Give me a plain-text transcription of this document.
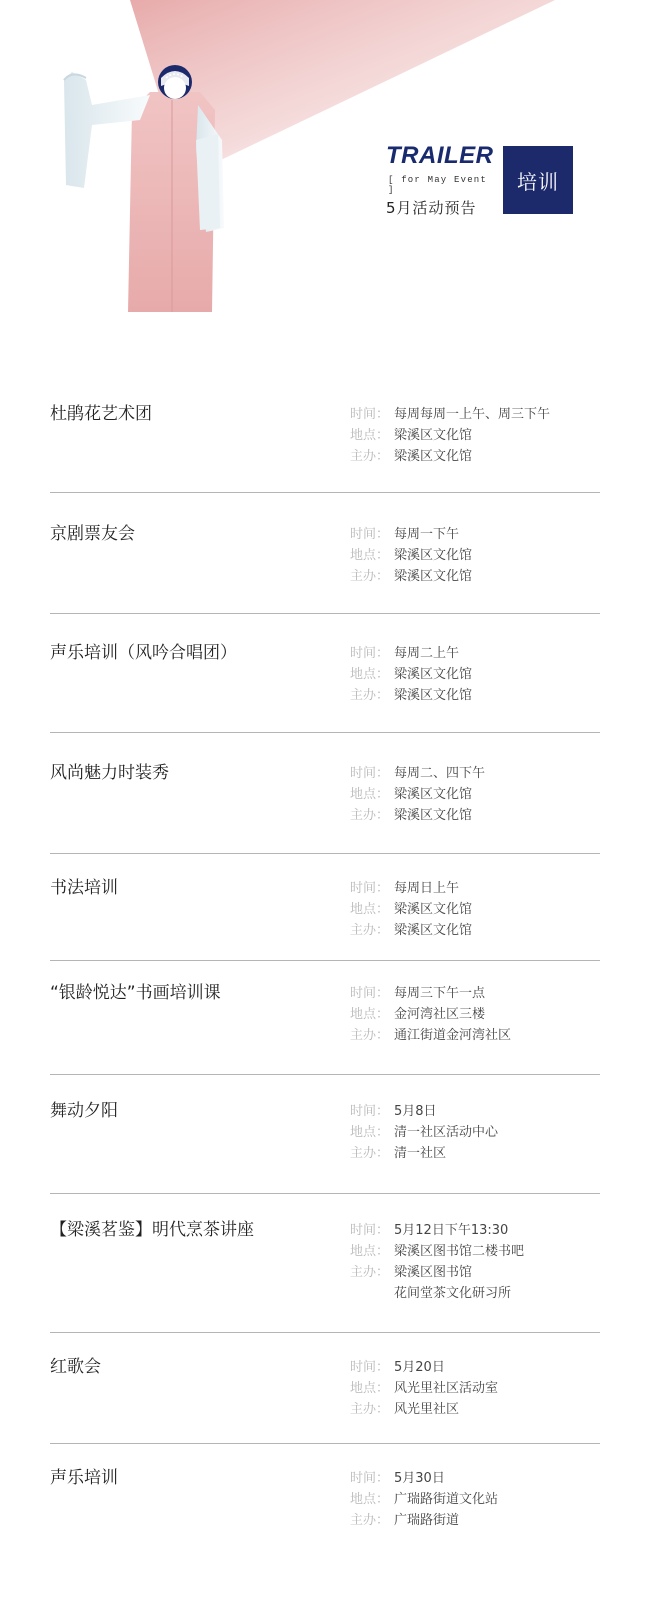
TRAILER
[ for May Event ]
5月活动预告
培训
杜鹃花艺术团	时间： 每周每周一上午、周三下午
地点： 梁溪区文化馆
主办： 梁溪区文化馆
京剧票友会	时间： 每周一下午
地点： 梁溪区文化馆
主办： 梁溪区文化馆
声乐培训（风吟合唱团）	时间： 每周二上午
地点： 梁溪区文化馆
主办： 梁溪区文化馆
风尚魅力时装秀	时间： 每周二、四下午
地点： 梁溪区文化馆
主办： 梁溪区文化馆
书法培训	时间： 每周日上午
地点： 梁溪区文化馆
主办： 梁溪区文化馆
“银龄悦达”书画培训课	时间： 每周三下午一点
地点： 金河湾社区三楼
主办： 通江街道金河湾社区
舞动夕阳	时间： 5月8日
地点： 清一社区活动中心
主办： 清一社区
【梁溪茗鉴】明代烹茶讲座	时间： 5月12日下午13:30
地点： 梁溪区图书馆二楼书吧
主办： 梁溪区图书馆
花间堂茶文化研习所
红歌会	时间： 5月20日
地点： 风光里社区活动室
主办： 风光里社区
声乐培训	时间： 5月30日
地点： 广瑞路街道文化站
主办： 广瑞路街道
